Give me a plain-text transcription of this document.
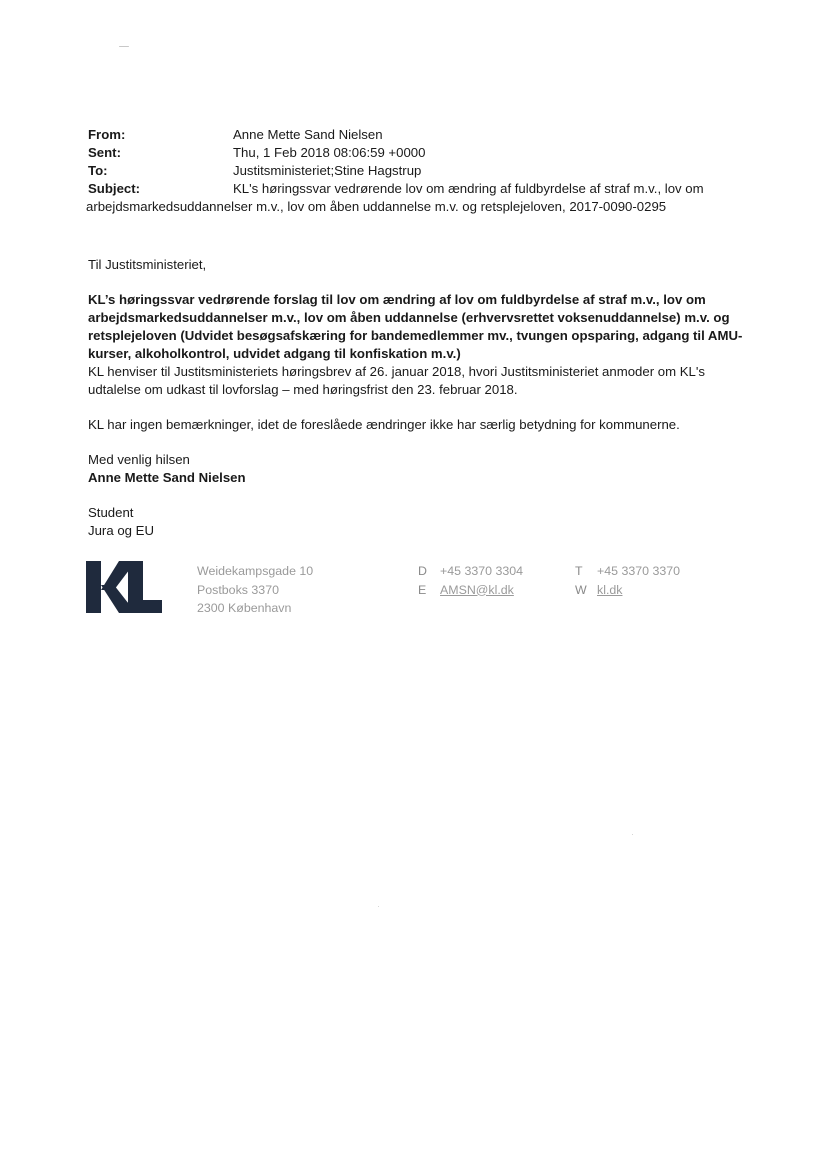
From:	Anne Mette Sand Nielsen
Sent:	Thu, 1 Feb 2018 08:06:59 +0000
To:	Justitsministeriet;Stine Hagstrup
Subject:	KL's høringssvar vedrørende lov om ændring af fuldbyrdelse af straf m.v., lov om
arbejdsmarkedsuddannelser m.v., lov om åben uddannelse m.v. og retsplejeloven, 2017-0090-0295

Til Justitsministeriet,

KL’s høringssvar vedrørende forslag til lov om ændring af lov om fuldbyrdelse af straf m.v., lov om
arbejdsmarkedsuddannelser m.v., lov om åben uddannelse (erhvervsrettet voksenuddannelse) m.v. og
retsplejeloven (Udvidet besøgsafskæring for bandemedlemmer mv., tvungen opsparing, adgang til AMU-
kurser, alkoholkontrol, udvidet adgang til konfiskation m.v.)
KL henviser til Justitsministeriets høringsbrev af 26. januar 2018, hvori Justitsministeriet anmoder om KL's
udtalelse om udkast til lovforslag – med høringsfrist den 23. februar 2018.

KL har ingen bemærkninger, idet de foreslåede ændringer ikke har særlig betydning for kommunerne.

Med venlig hilsen

Anne Mette Sand Nielsen

Student

Jura og EU

Weidekampsgade 10
Postboks 3370
2300 København
D +45 3370 3304
E AMSN@kl.dk
T +45 3370 3370
W kl.dk
